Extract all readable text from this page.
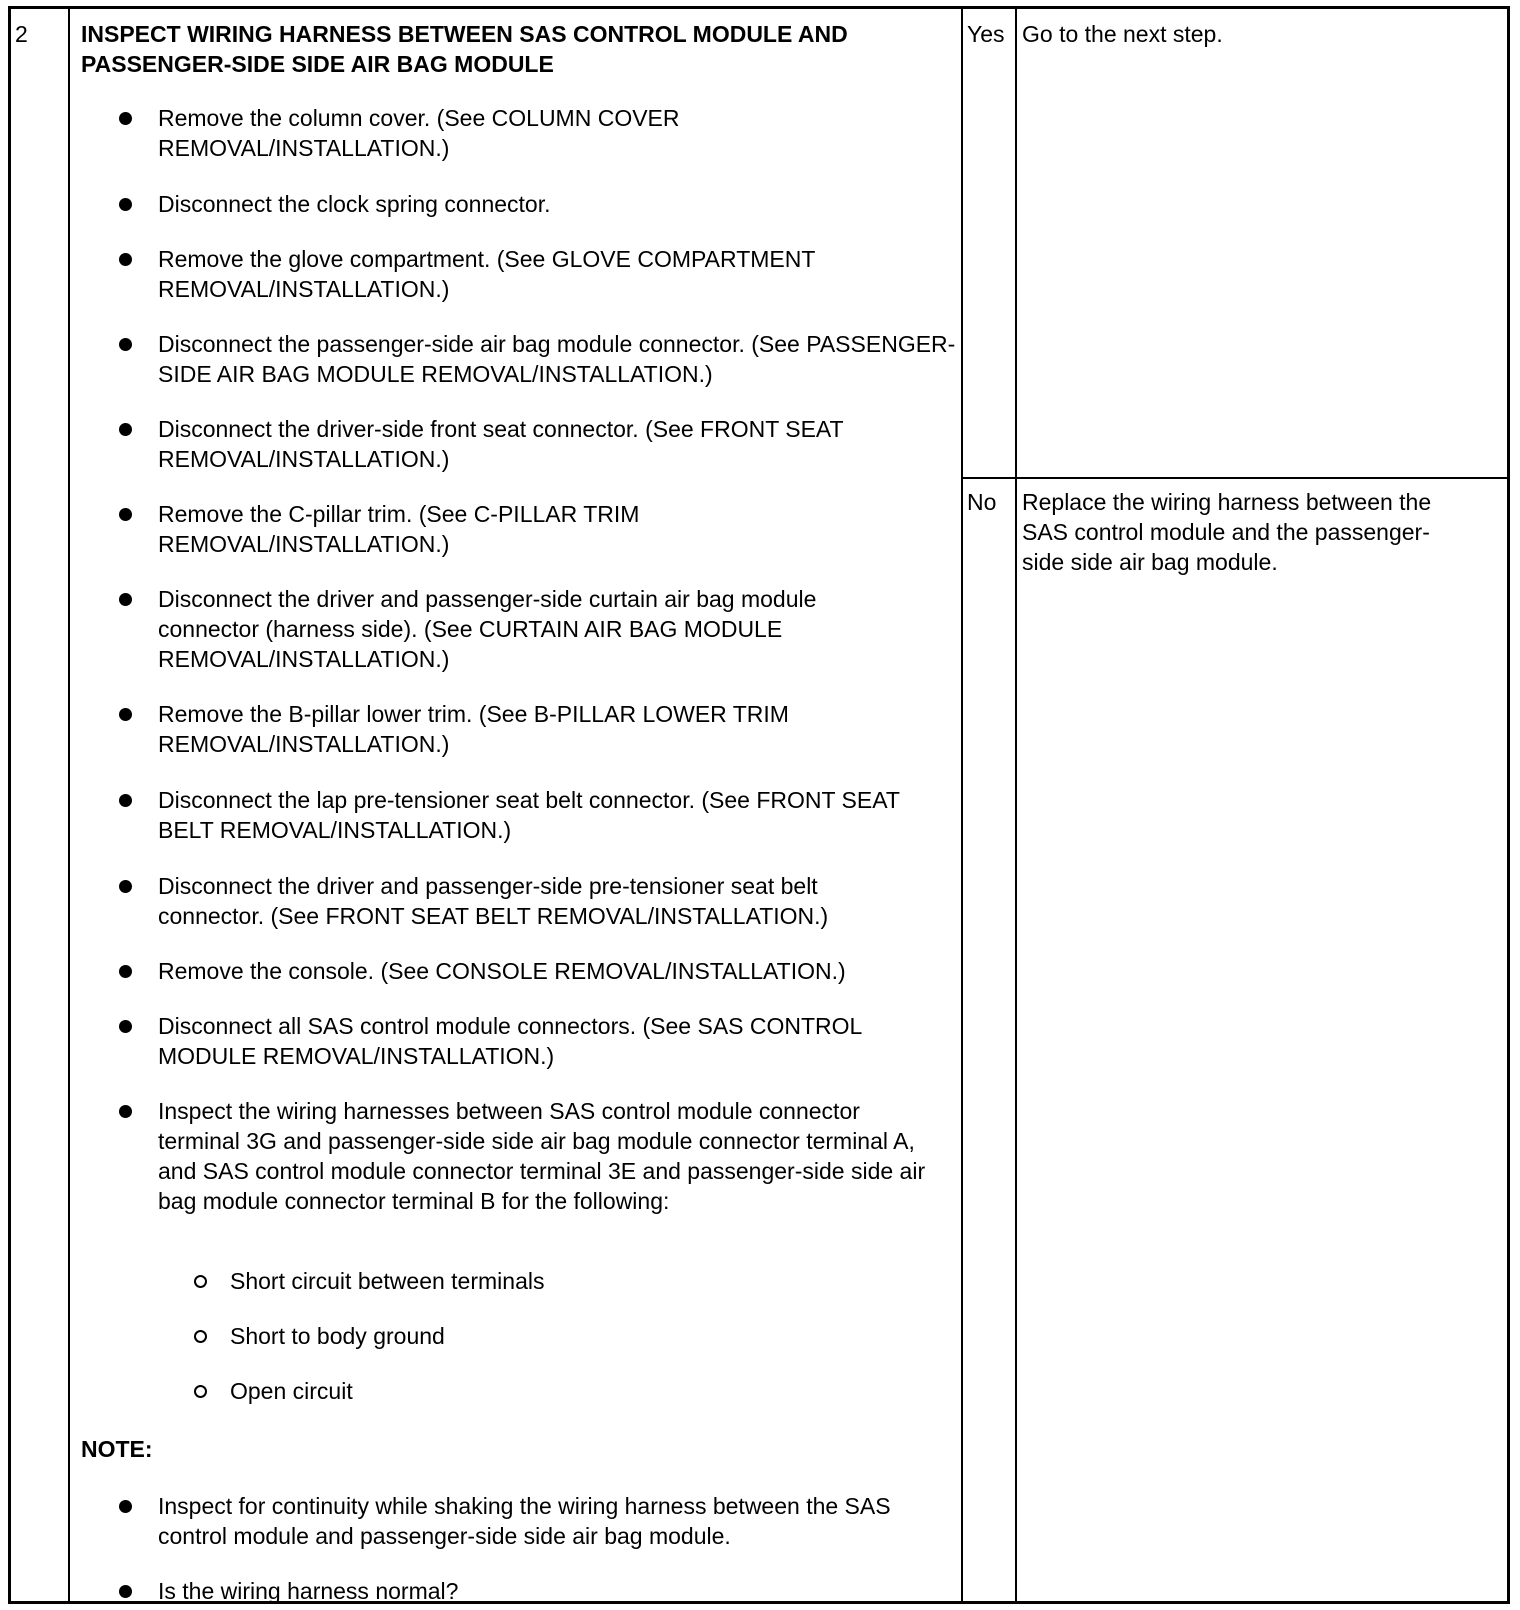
2 INSPECT WIRING HARNESS BETWEEN SAS CONTROL MODULE AND PASSENGER-SIDE SIDE AIR BAG MODULE
Remove the column cover. (See COLUMN COVER REMOVAL/INSTALLATION.)
Disconnect the clock spring connector.
Remove the glove compartment. (See GLOVE COMPARTMENT REMOVAL/INSTALLATION.)
Disconnect the passenger-side air bag module connector. (See PASSENGER-SIDE AIR BAG MODULE REMOVAL/INSTALLATION.)
Disconnect the driver-side front seat connector. (See FRONT SEAT REMOVAL/INSTALLATION.)
Remove the C-pillar trim. (See C-PILLAR TRIM REMOVAL/INSTALLATION.)
Disconnect the driver and passenger-side curtain air bag module connector (harness side). (See CURTAIN AIR BAG MODULE REMOVAL/INSTALLATION.)
Remove the B-pillar lower trim. (See B-PILLAR LOWER TRIM REMOVAL/INSTALLATION.)
Disconnect the lap pre-tensioner seat belt connector. (See FRONT SEAT BELT REMOVAL/INSTALLATION.)
Disconnect the driver and passenger-side pre-tensioner seat belt connector. (See FRONT SEAT BELT REMOVAL/INSTALLATION.)
Remove the console. (See CONSOLE REMOVAL/INSTALLATION.)
Disconnect all SAS control module connectors. (See SAS CONTROL MODULE REMOVAL/INSTALLATION.)
Inspect the wiring harnesses between SAS control module connector terminal 3G and passenger-side side air bag module connector terminal A, and SAS control module connector terminal 3E and passenger-side side air bag module connector terminal B for the following:
Short circuit between terminals
Short to body ground
Open circuit
NOTE:
Inspect for continuity while shaking the wiring harness between the SAS control module and passenger-side side air bag module.
Is the wiring harness normal?
Yes Go to the next step.
No Replace the wiring harness between the SAS control module and the passenger-side side air bag module.
